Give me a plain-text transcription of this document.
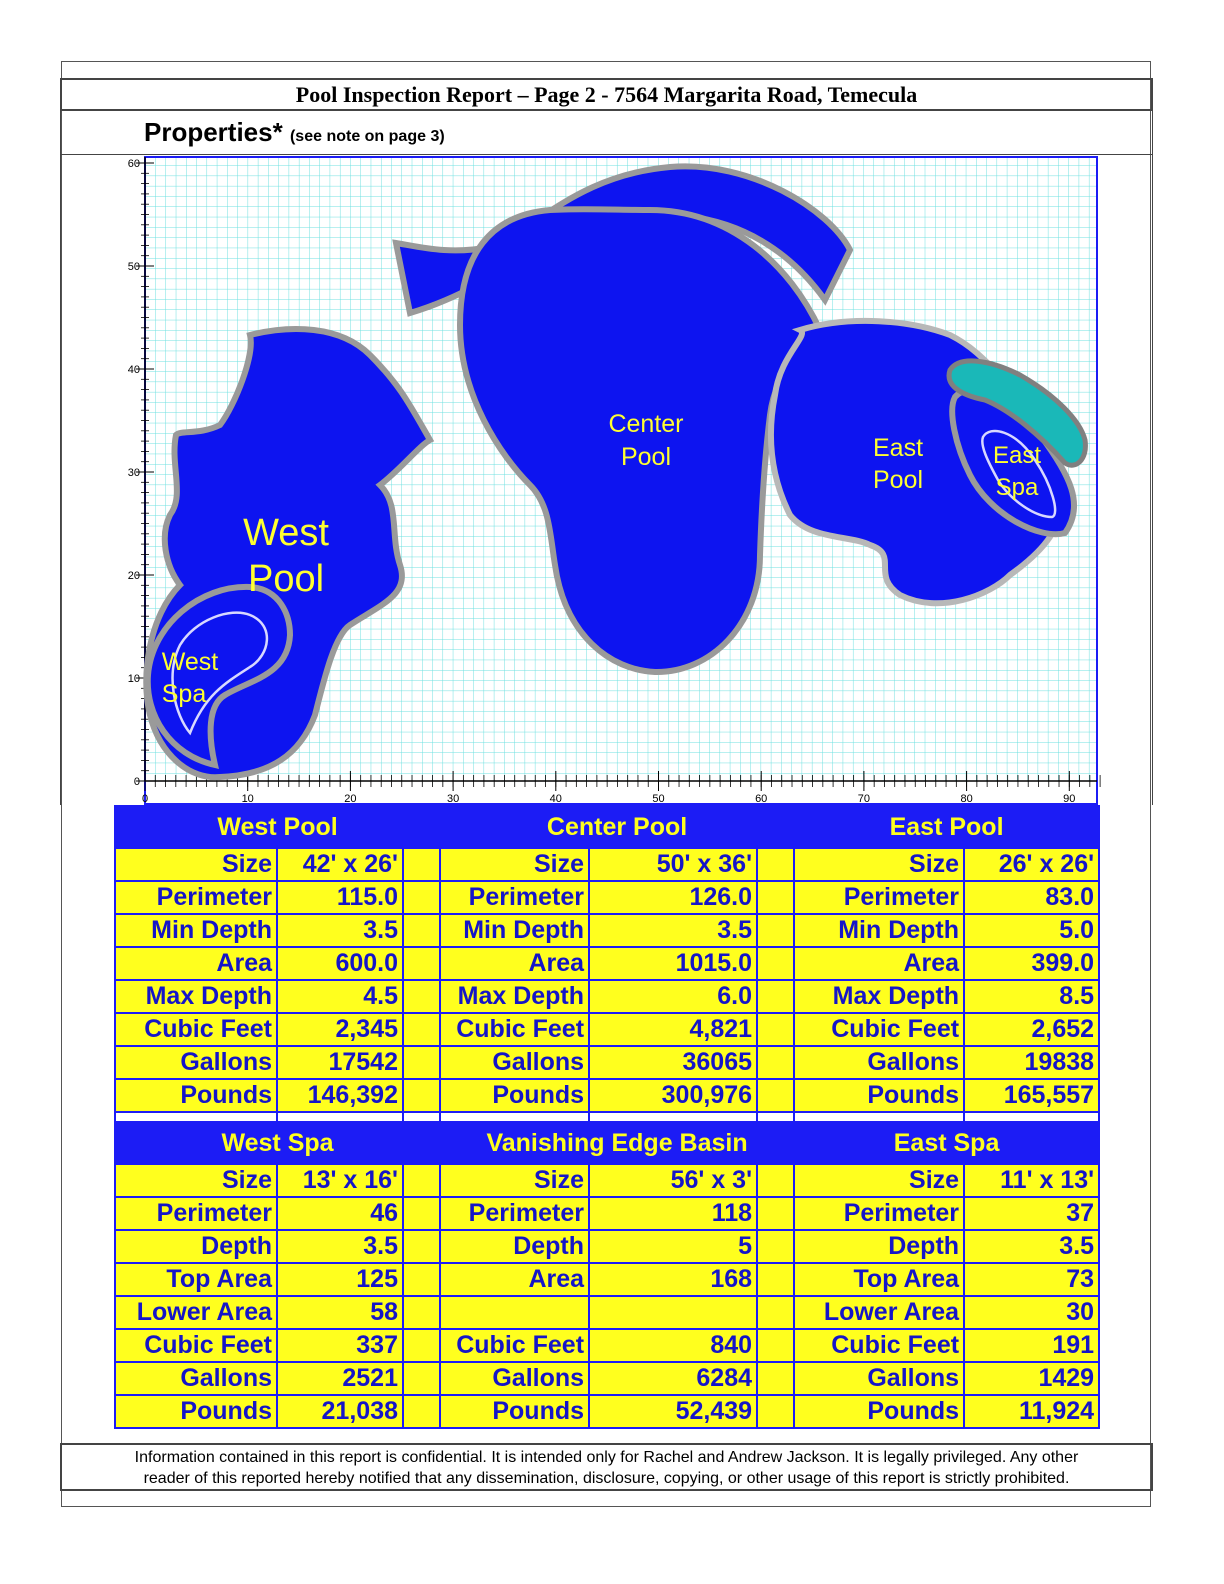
Pool Inspection Report – Page 2 - 7564 Margarita Road, Temecula
Properties* (see note on page 3)
60
50
40
30
20
10
0
0	10	20	30	40	50	60	70	80	90
West
Pool
West
Spa
Center
Pool	East
Pool
East
Spa
West Pool			Center Pool			East Pool	
Size	42' x 26'		Size	50' x 36'		Size	26' x 26'
Perimeter	115.0		Perimeter	126.0		Perimeter	83.0
Min Depth	3.5		Min Depth	3.5		Min Depth	5.0
Area	600.0		Area	1015.0		Area	399.0
Max Depth	4.5		Max Depth	6.0		Max Depth	8.5
Cubic Feet	2,345		Cubic Feet	4,821		Cubic Feet	2,652
Gallons	17542		Gallons	36065		Gallons	19838
Pounds	146,392		Pounds	300,976		Pounds	165,557

West Spa			Vanishing Edge Basin			East Spa	
Size	13' x 16'		Size	56' x 3'		Size	11' x 13'
Perimeter	46		Perimeter	118		Perimeter	37
Depth	3.5		Depth	5		Depth	3.5
Top Area	125		Area	168		Top Area	73
Lower Area	58					Lower Area	30
Cubic Feet	337		Cubic Feet	840		Cubic Feet	191
Gallons	2521		Gallons	6284		Gallons	1429
Pounds	21,038		Pounds	52,439		Pounds	11,924
Information contained in this report is confidential. It is intended only for Rachel and Andrew Jackson. It is legally privileged. Any other
reader of this reported hereby notified that any dissemination, disclosure, copying, or other usage of this report is strictly prohibited.
